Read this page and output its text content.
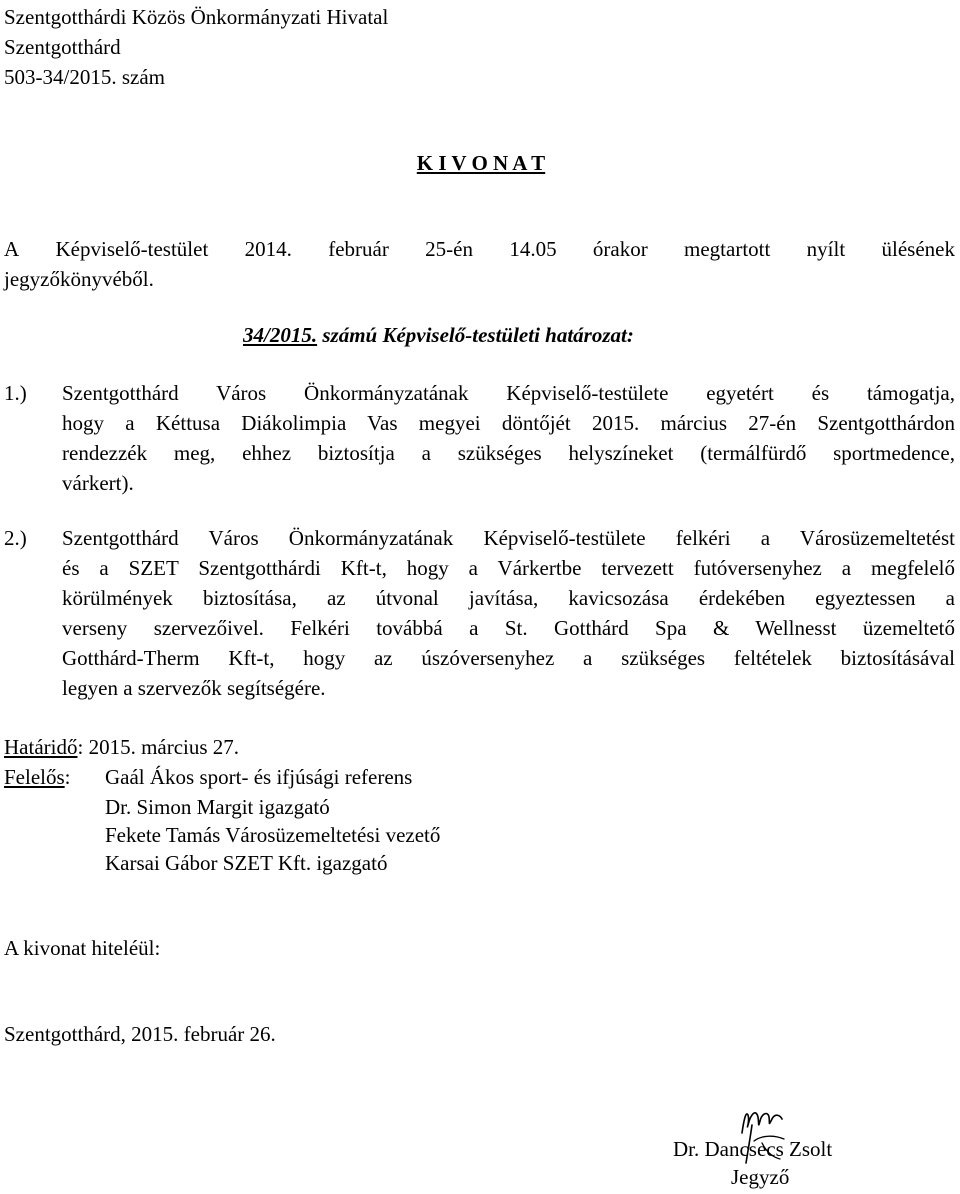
Szentgotthárdi Közös Önkormányzati Hivatal

Szentgotthárd

503-34/2015. szám

K I V O N A T

A Képviselő-testület 2014. február 25-én 14.05 órakor megtartott nyílt ülésének

jegyzőkönyvéből.

34/2015. számú Képviselő-testületi határozat:

1.) Szentgotthárd Város Önkormányzatának Képviselő-testülete egyetért és támogatja,
hogy a Kéttusa Diákolimpia Vas megyei döntőjét 2015. március 27-én Szentgotthárdon
rendezzék meg, ehhez biztosítja a szükséges helyszíneket (termálfürdő sportmedence,

várkert).

2.) Szentgotthárd Város Önkormányzatának Képviselő-testülete felkéri a Városüzemeltetést
és a SZET Szentgotthárdi Kft-t, hogy a Várkertbe tervezett futóversenyhez a megfelelő
körülmények biztosítása, az útvonal javítása, kavicsozása érdekében egyeztessen a
verseny szervezőivel. Felkéri továbbá a St. Gotthárd Spa & Wellnesst üzemeltető
Gotthárd-Therm Kft-t, hogy az úszóversenyhez a szükséges feltételek biztosításával

legyen a szervezők segítségére.

Határidő: 2015. március 27.

Felelős: Gaál Ákos sport- és ifjúsági referens

Dr. Simon Margit igazgató

Fekete Tamás Városüzemeltetési vezető

Karsai Gábor SZET Kft. igazgató

A kivonat hiteléül:

Szentgotthárd, 2015. február 26.

Dr. Dancsecs Zsolt

Jegyző
